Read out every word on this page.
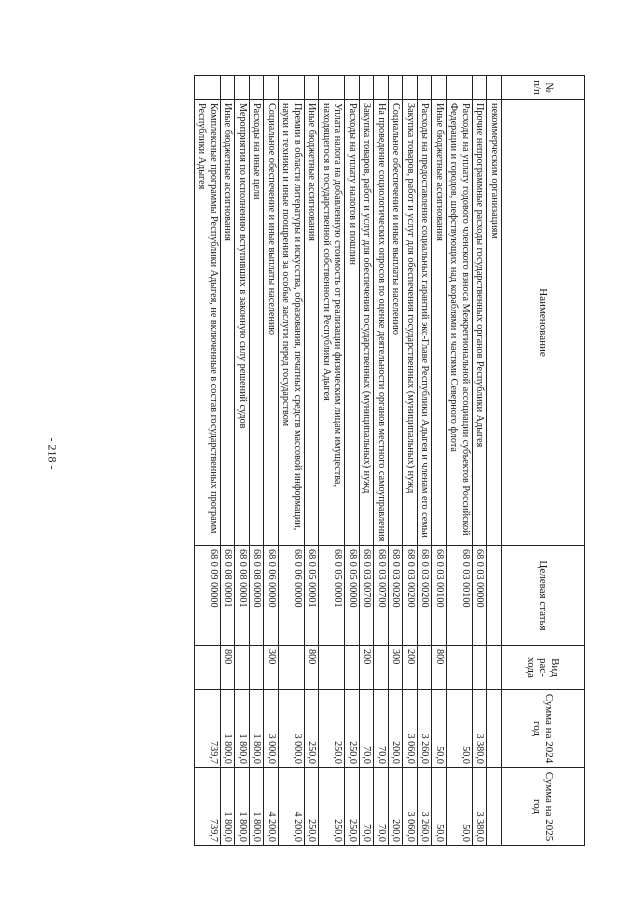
- 218 -
№ п/п	Наименование	Целевая статья	Вид рас-хода	Сумма на 2024 год	Сумма на 2025 год
	некоммерческим организациям				
	Прочие непрограммные расходы государственных органов Республики Адыгея	68 0 03 00000		3 380,0	3 380,0
	Расходы на уплату годового членского взноса Межрегиональной ассоциации субъектов Российской Федерации и городов, шефствующих над кораблями и частями Северного флота	68 0 03 00100		50,0	50,0
	Иные бюджетные ассигнования	68 0 03 00100	800	50,0	50,0
	Расходы на предоставление социальных гарантий экс-Главе Республики Адыгея и членам его семьи	68 0 03 00200		3 260,0	3 260,0
	Закупка товаров, работ и услуг для обеспечения государственных (муниципальных) нужд	68 0 03 00200	200	3 060,0	3 060,0
	Социальное обеспечение и иные выплаты населению	68 0 03 00200	300	200,0	200,0
	На проведение социологических опросов по оценке деятельности органов местного самоуправления	68 0 03 00700		70,0	70,0
	Закупка товаров, работ и услуг для обеспечения государственных (муниципальных) нужд	68 0 03 00700	200	70,0	70,0
	Расходы на уплату налогов и пошлин	68 0 05 00000		250,0	250,0
	Уплата налога на добавленную стоимость от реализации физическим лицам имущества, находящегося в государственной собственности Республики Адыгея	68 0 05 00001		250,0	250,0
	Иные бюджетные ассигнования	68 0 05 00001	800	250,0	250,0
	Премии в области литературы и искусства, образования, печатных средств массовой информации, науки и техники и иные поощрения за особые заслуги перед государством	68 0 06 00000		3 000,0	4 200,0
	Социальное обеспечение и иные выплаты населению	68 0 06 00000	300	3 000,0	4 200,0
	Расходы на иные цели	68 0 08 00000		1 800,0	1 800,0
	Мероприятия по исполнению вступивших в законную силу решений судов	68 0 08 00001		1 800,0	1 800,0
	Иные бюджетные ассигнования	68 0 08 00001	800	1 800,0	1 800,0
	Комплексные программы Республики Адыгея, не включенные в состав государственных программ Республики Адыгея	68 0 09 00000		739,7	739,7
